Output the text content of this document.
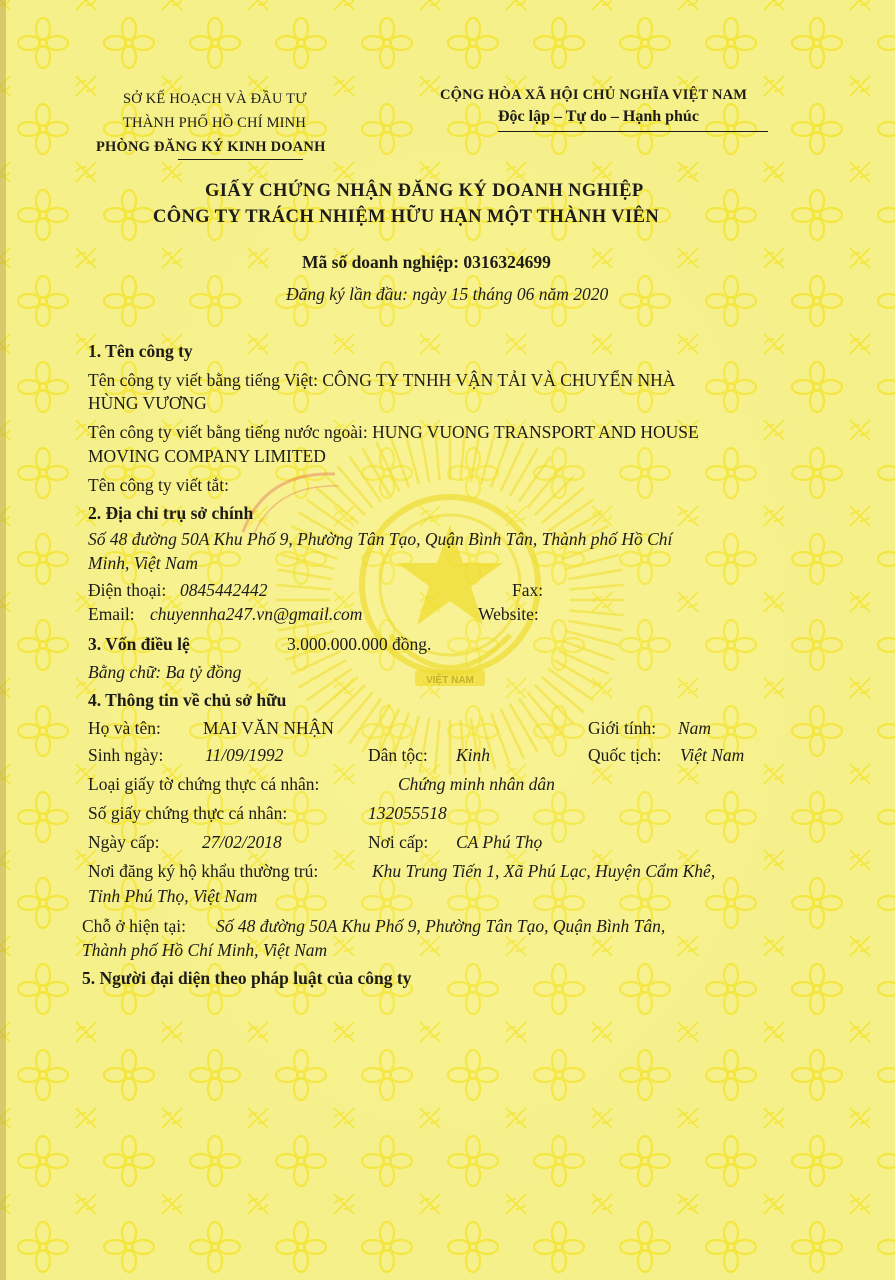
VIỆT NAM
SỞ KẾ HOẠCH VÀ ĐẦU TƯ
THÀNH PHỐ HỒ CHÍ MINH
PHÒNG ĐĂNG KÝ KINH DOANH
CỘNG HÒA XÃ HỘI CHỦ NGHĨA VIỆT NAM
Độc lập – Tự do – Hạnh phúc
GIẤY CHỨNG NHẬN ĐĂNG KÝ DOANH NGHIỆP
CÔNG TY TRÁCH NHIỆM HỮU HẠN MỘT THÀNH VIÊN
Mã số doanh nghiệp: 0316324699
Đăng ký lần đầu: ngày 15 tháng 06 năm 2020
1. Tên công ty
Tên công ty viết bằng tiếng Việt: CÔNG TY TNHH VẬN TẢI VÀ CHUYỂN NHÀ
HÙNG VƯƠNG
Tên công ty viết bằng tiếng nước ngoài: HUNG VUONG TRANSPORT AND HOUSE
MOVING COMPANY LIMITED
Tên công ty viết tắt:
2. Địa chỉ trụ sở chính
Số 48 đường 50A Khu Phố 9, Phường Tân Tạo, Quận Bình Tân, Thành phố Hồ Chí
Minh, Việt Nam
Điện thoại: 0845442442	Fax:
Email: chuyennha247.vn@gmail.com	Website:
3. Vốn điều lệ	3.000.000.000 đồng.
Bằng chữ: Ba tỷ đồng
4. Thông tin về chủ sở hữu
Họ và tên: MAI VĂN NHẬN	Giới tính: Nam
Sinh ngày: 11/09/1992	Dân tộc: Kinh	Quốc tịch: Việt Nam
Loại giấy tờ chứng thực cá nhân:	Chứng minh nhân dân
Số giấy chứng thực cá nhân:	132055518
Ngày cấp: 27/02/2018	Nơi cấp: CA Phú Thọ
Nơi đăng ký hộ khẩu thường trú:	Khu Trung Tiến 1, Xã Phú Lạc, Huyện Cẩm Khê,
Tỉnh Phú Thọ, Việt Nam
Chỗ ở hiện tại: Số 48 đường 50A Khu Phố 9, Phường Tân Tạo, Quận Bình Tân,
Thành phố Hồ Chí Minh, Việt Nam
5. Người đại diện theo pháp luật của công ty
